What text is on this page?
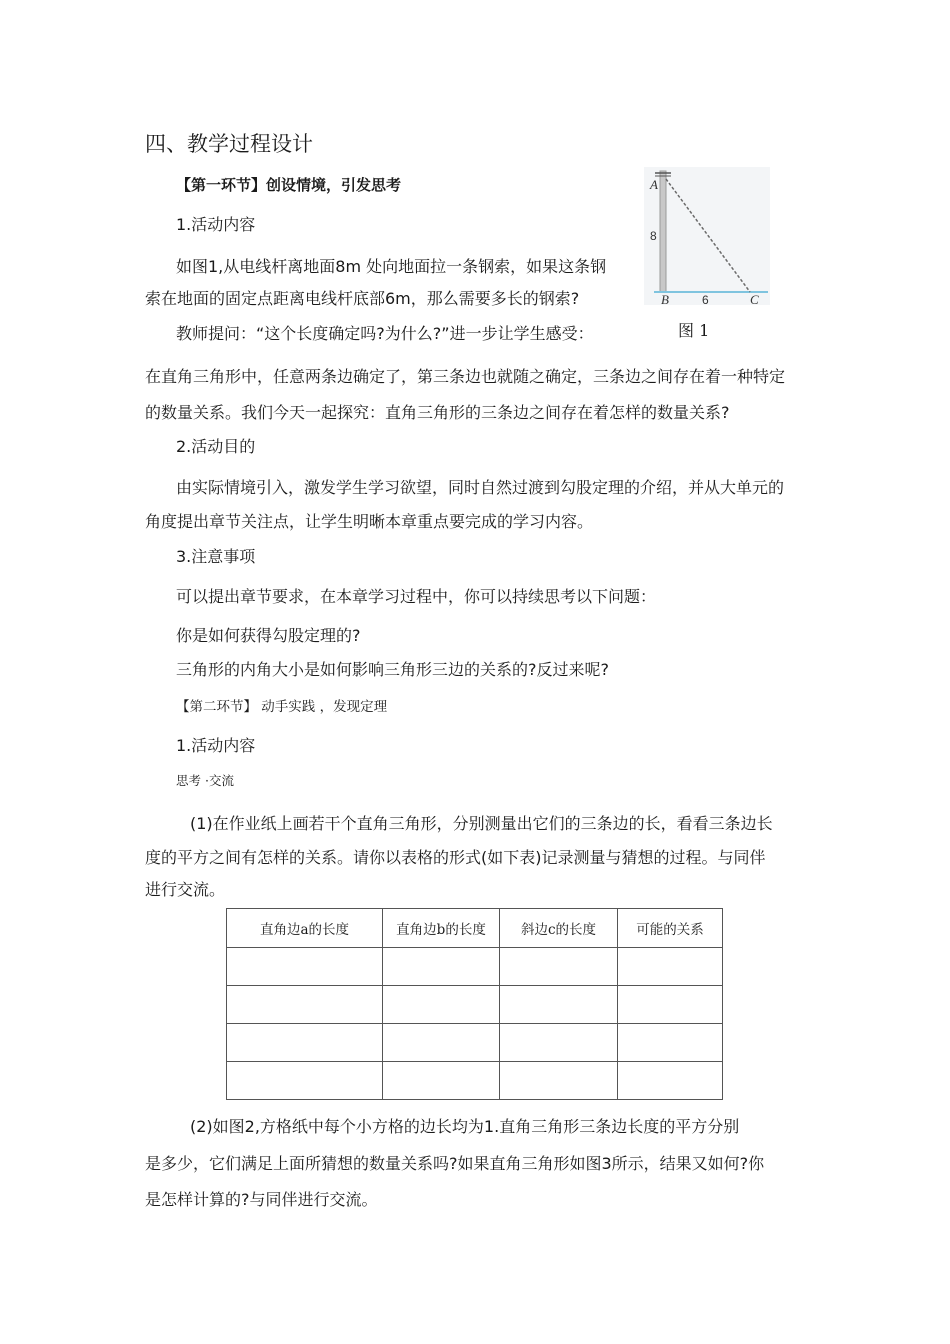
四、教学过程设计
【第一环节】创设情境，引发思考
1.活动内容
如图1,从电线杆离地面8m 处向地面拉一条钢索，如果这条钢
索在地面的固定点距离电线杆底部6m，那么需要多长的钢索?
教师提问：“这个长度确定吗?为什么?”进一步让学生感受：
在直角三角形中，任意两条边确定了，第三条边也就随之确定，三条边之间存在着一种特定
的数量关系。我们今天一起探究：直角三角形的三条边之间存在着怎样的数量关系?
2.活动目的
由实际情境引入，激发学生学习欲望，同时自然过渡到勾股定理的介绍，并从大单元的
角度提出章节关注点，让学生明晰本章重点要完成的学习内容。
3.注意事项
可以提出章节要求，在本章学习过程中，你可以持续思考以下问题：
你是如何获得勾股定理的?
三角形的内角大小是如何影响三角形三边的关系的?反过来呢?
A
8
B	6	C
图 1
【第二环节】 动手实践 ，发现定理
1.活动内容
思考 ·交流
(1)在作业纸上画若干个直角三角形，分别测量出它们的三条边的长，看看三条边长
度的平方之间有怎样的关系。请你以表格的形式(如下表)记录测量与猜想的过程。与同伴
进行交流。
直角边a的长度	直角边b的长度	斜边c的长度	可能的关系

(2)如图2,方格纸中每个小方格的边长均为1.直角三角形三条边长度的平方分别
是多少，它们满足上面所猜想的数量关系吗?如果直角三角形如图3所示，结果又如何?你
是怎样计算的?与同伴进行交流。
